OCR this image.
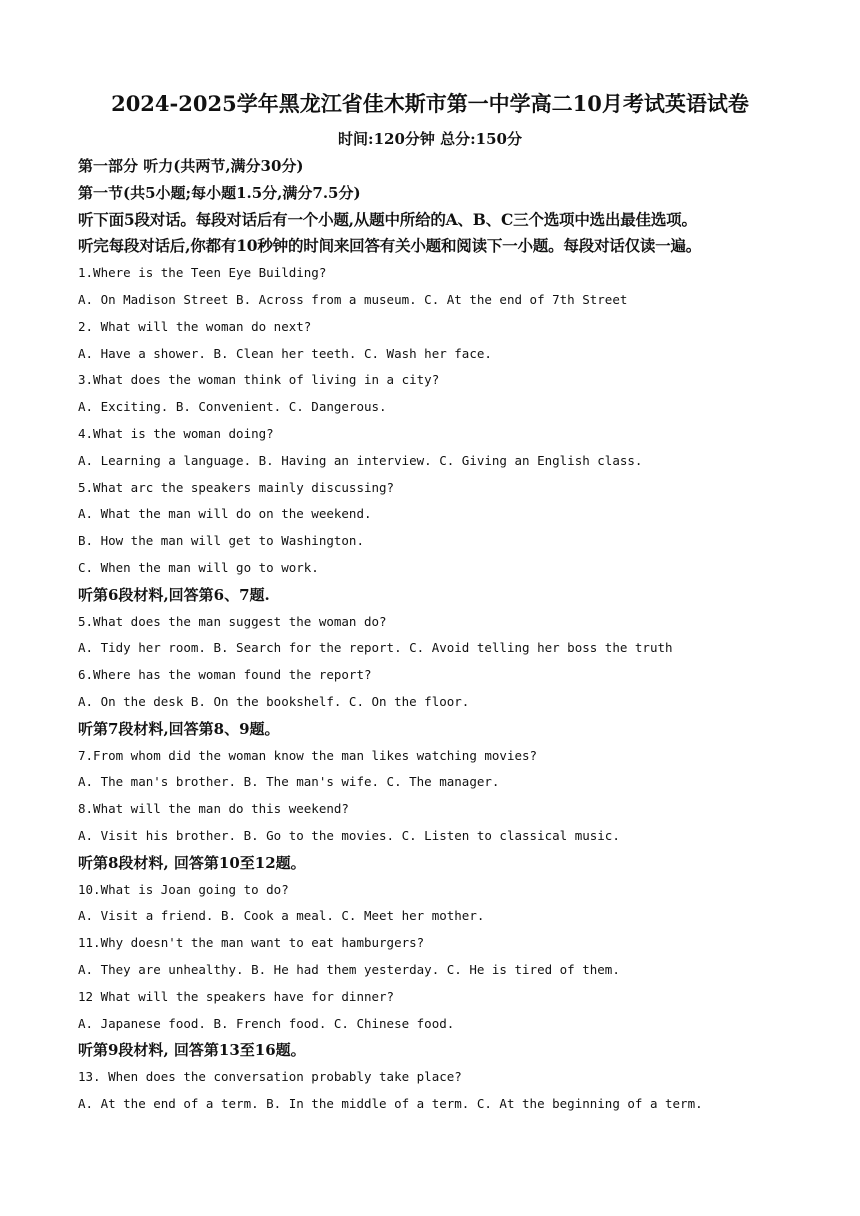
2024-2025学年黑龙江省佳木斯市第一中学高二10月考试英语试卷
时间:120分钟 总分:150分
第一部分 听力(共两节,满分30分)
第一节(共5小题;每小题1.5分,满分7.5分)
听下面5段对话。每段对话后有一个小题,从题中所给的A、B、C三个选项中选出最佳选项。
听完每段对话后,你都有10秒钟的时间来回答有关小题和阅读下一小题。每段对话仅读一遍。
1.Where is the Teen Eye Building?
A. On Madison Street B. Across from a museum. C. At the end of 7th Street
2. What will the woman do next?
A. Have a shower. B. Clean her teeth. C. Wash her face.
3.What does the woman think of living in a city?
A. Exciting. B. Convenient. C. Dangerous.
4.What is the woman doing?
A. Learning a language. B. Having an interview. C. Giving an English class.
5.What arc the speakers mainly discussing?
A. What the man will do on the weekend.
B. How the man will get to Washington.
C. When the man will go to work.
听第6段材料,回答第6、7题.
5.What does the man suggest the woman do?
A. Tidy her room. B. Search for the report. C. Avoid telling her boss the truth
6.Where has the woman found the report?
A. On the desk B. On the bookshelf. C. On the floor.
听第7段材料,回答第8、9题。
7.From whom did the woman know the man likes watching movies?
A. The man's brother. B. The man's wife. C. The manager.
8.What will the man do this weekend?
A. Visit his brother. B. Go to the movies. C. Listen to classical music.
听第8段材料, 回答第10至12题。
10.What is Joan going to do?
A. Visit a friend. B. Cook a meal. C. Meet her mother.
11.Why doesn't the man want to eat hamburgers?
A. They are unhealthy. B. He had them yesterday. C. He is tired of them.
12 What will the speakers have for dinner?
A. Japanese food. B. French food. C. Chinese food.
听第9段材料, 回答第13至16题。
13. When does the conversation probably take place?
A. At the end of a term. B. In the middle of a term. C. At the beginning of a term.
